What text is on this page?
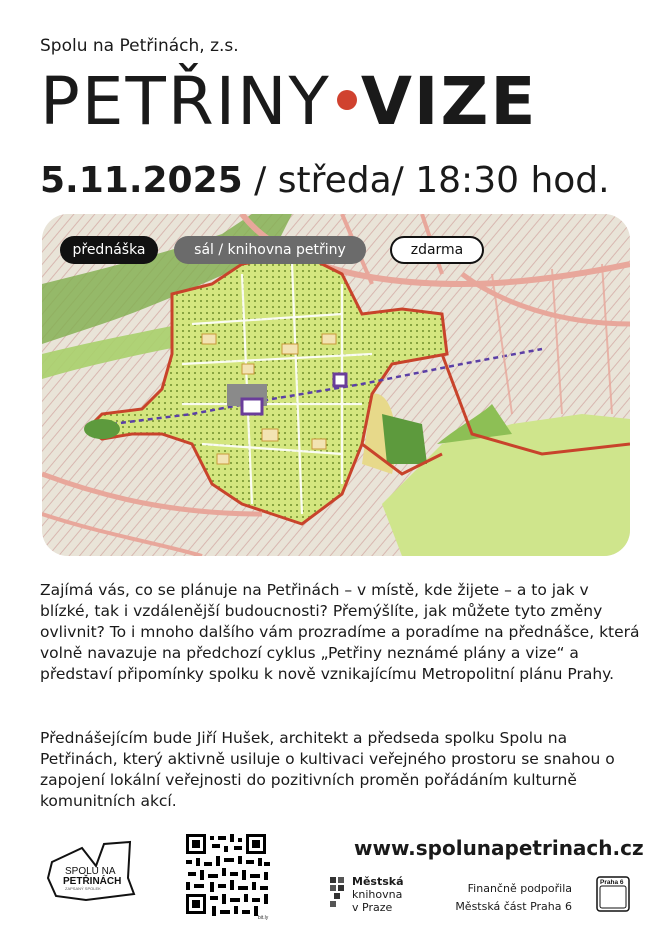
Spolu na Petřinách, z.s.
PETŘINY VIZE
5.11.2025 / středa/ 18:30 hod.
přednáška	sál / knihovna petřiny	zdarma
Zajímá vás, co se plánuje na Petřinách – v místě, kde žijete – a to jak v blízké, tak i vzdálenější budoucnosti? Přemýšlíte, jak můžete tyto změny ovlivnit? To i mnoho dalšího vám prozradíme a poradíme na přednášce, která volně navazuje na předchozí cyklus „Petřiny neznámé plány a vize“ a představí připomínky spolku k nově vznikajícímu Metropolitní plánu Prahy.
Přednášejícím bude Jiří Hušek, architekt a předseda spolku Spolu na Petřinách, který aktivně usiluje o kultivaci veřejného prostoru se snahou o zapojení lokální veřejnosti do pozitivních proměn pořádáním kulturně komunitních akcí.
SPOLU NA
PETŘINÁCH
ZAPSANÝ SPOLEK
bit.ly
www.spolunapetrinach.cz
Městská
knihovna
v Praze
Finančně podpořila
Městská část Praha 6
Praha 6
